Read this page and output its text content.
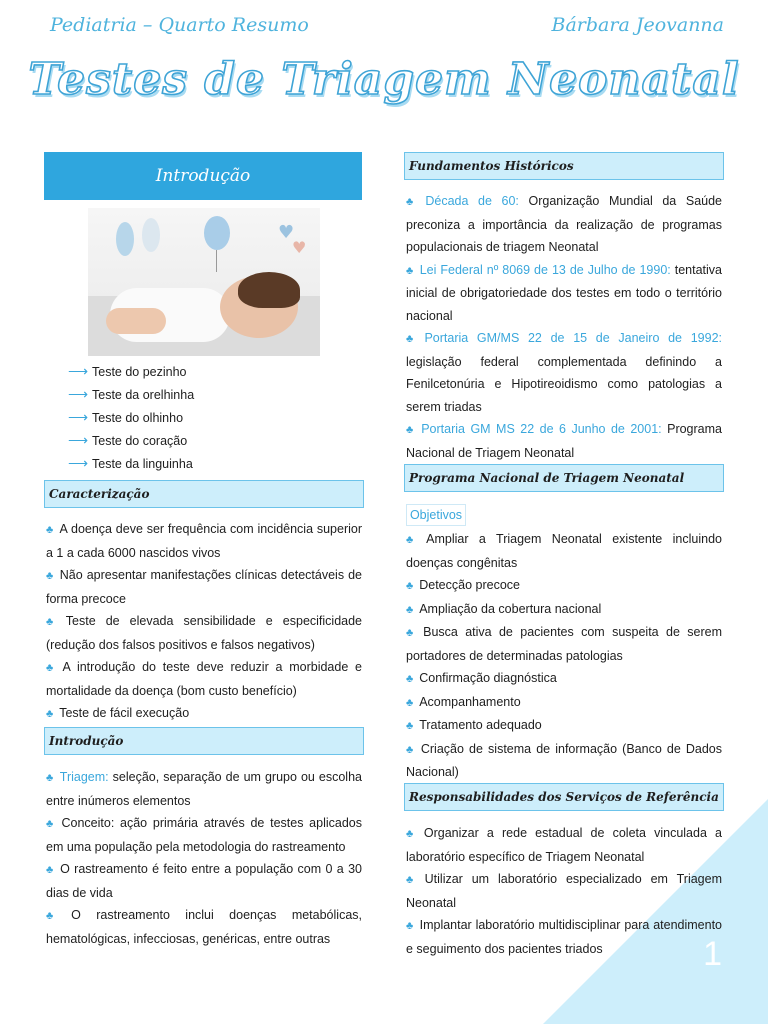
1
Pediatria – Quarto Resumo	Bárbara Jeovanna
Testes de Triagem Neonatal
Introdução
♥
♥
⟶ Teste do pezinho
⟶ Teste da orelhinha
⟶ Teste do olhinho
⟶ Teste do coração
⟶ Teste da linguinha
Caracterização

♣ A doença deve ser frequência com incidência superior a 1 a cada 6000 nascidos vivos

♣ Não apresentar manifestações clínicas detectáveis de forma precoce

♣ Teste de elevada sensibilidade e especificidade (redução dos falsos positivos e falsos negativos)

♣ A introdução do teste deve reduzir a morbidade e mortalidade da doença (bom custo benefício)

♣ Teste de fácil execução

Introdução

♣ Triagem: seleção, separação de um grupo ou escolha entre inúmeros elementos

♣ Conceito: ação primária através de testes aplicados em uma população pela metodologia do rastreamento

♣ O rastreamento é feito entre a população com 0 a 30 dias de vida

♣ O rastreamento inclui doenças metabólicas, hematológicas, infecciosas, genéricas, entre outras

Fundamentos Históricos

♣ Década de 60: Organização Mundial da Saúde preconiza a importância da realização de programas populacionais de triagem Neonatal

♣ Lei Federal nº 8069 de 13 de Julho de 1990: tentativa inicial de obrigatoriedade dos testes em todo o território nacional

♣ Portaria GM/MS 22 de 15 de Janeiro de 1992: legislação federal complementada definindo a Fenilcetonúria e Hipotireoidismo como patologias a serem triadas

♣ Portaria GM MS 22 de 6 Junho de 2001: Programa Nacional de Triagem Neonatal

Programa Nacional de Triagem Neonatal
Objetivos

♣ Ampliar a Triagem Neonatal existente incluindo doenças congênitas

♣ Detecção precoce

♣ Ampliação da cobertura nacional

♣ Busca ativa de pacientes com suspeita de serem portadores de determinadas patologias

♣ Confirmação diagnóstica

♣ Acompanhamento

♣ Tratamento adequado

♣ Criação de sistema de informação (Banco de Dados Nacional)

Responsabilidades dos Serviços de Referência

♣ Organizar a rede estadual de coleta vinculada a laboratório específico de Triagem Neonatal

♣ Utilizar um laboratório especializado em Triagem Neonatal

♣ Implantar laboratório multidisciplinar para atendimento e seguimento dos pacientes triados
